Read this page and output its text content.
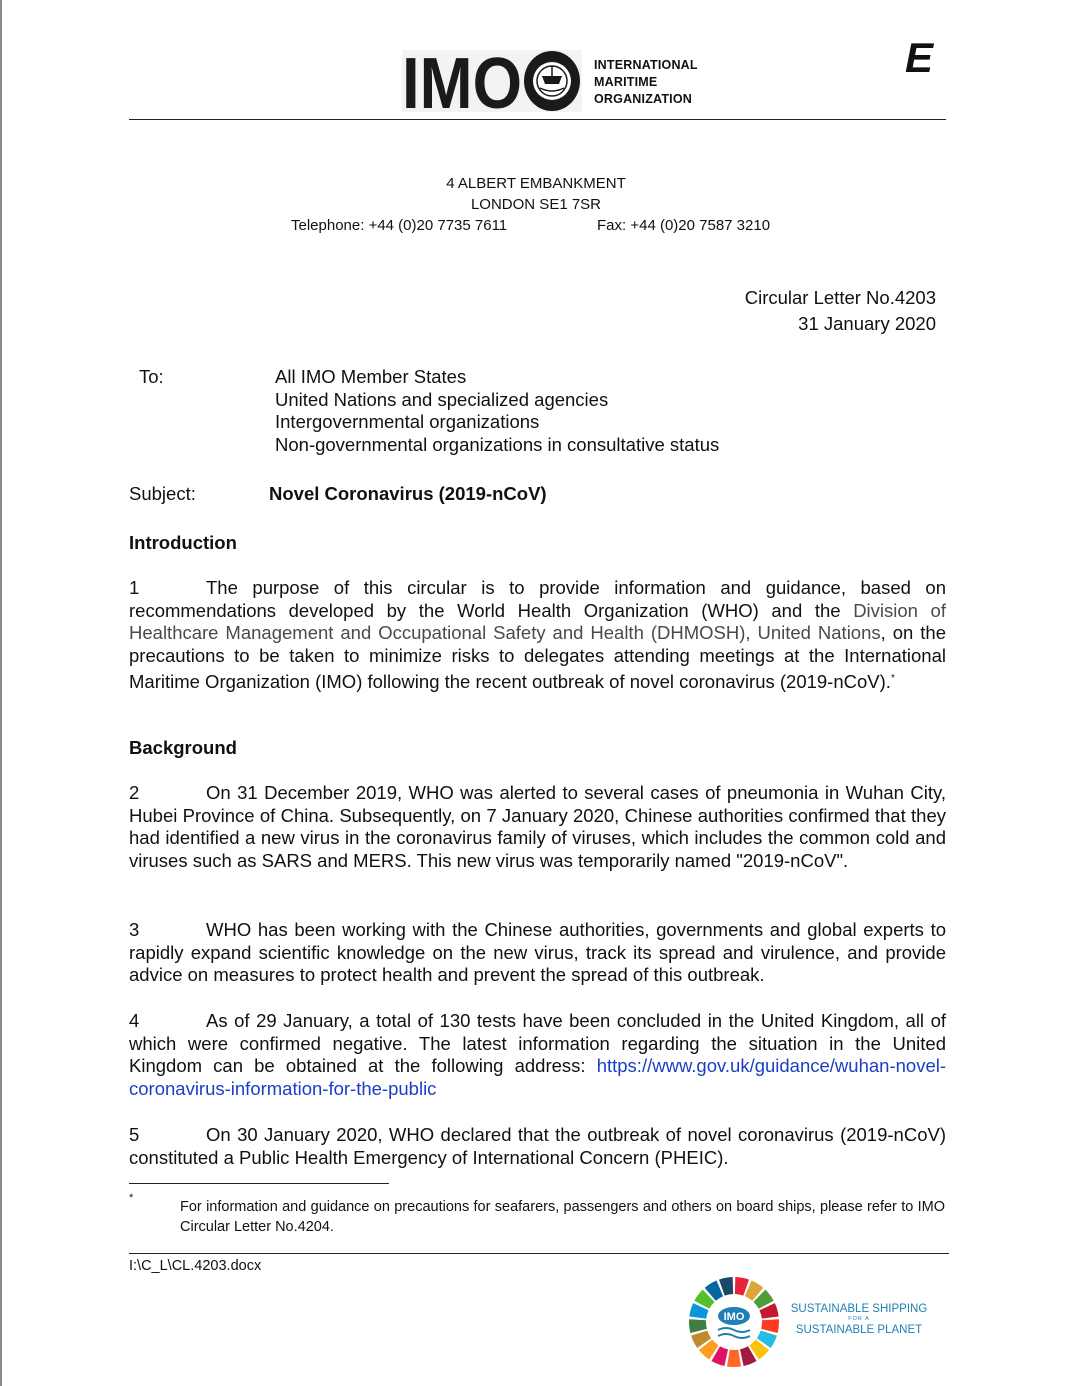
IMO	INTERNATIONAL
MARITIME
ORGANIZATION
E
4 ALBERT EMBANKMENT
LONDON SE1 7SR
Telephone: +44 (0)20 7735 7611	Fax: +44 (0)20 7587 3210
Circular Letter No.4203
31 January 2020
To:	All IMO Member States
United Nations and specialized agencies
Intergovernmental organizations
Non-governmental organizations in consultative status
Subject:	Novel Coronavirus (2019-nCoV)
Introduction
1	The purpose of this circular is to provide information and guidance, based on recommendations developed by the World Health Organization (WHO) and the Division of Healthcare Management and Occupational Safety and Health (DHMOSH), United Nations, on the precautions to be taken to minimize risks to delegates attending meetings at the International Maritime Organization (IMO) following the recent outbreak of novel coronavirus (2019-nCoV).*
Background
2	On 31 December 2019, WHO was alerted to several cases of pneumonia in Wuhan City, Hubei Province of China. Subsequently, on 7 January 2020, Chinese authorities confirmed that they had identified a new virus in the coronavirus family of viruses, which includes the common cold and viruses such as SARS and MERS. This new virus was temporarily named "2019-nCoV".
3	WHO has been working with the Chinese authorities, governments and global experts to rapidly expand scientific knowledge on the new virus, track its spread and virulence, and provide advice on measures to protect health and prevent the spread of this outbreak.
4	As of 29 January, a total of 130 tests have been concluded in the United Kingdom, all of which were confirmed negative. The latest information regarding the situation in the United Kingdom can be obtained at the following address: https://www.gov.uk/guidance/wuhan-novel-coronavirus-information-for-the-public
5	On 30 January 2020, WHO declared that the outbreak of novel coronavirus (2019-nCoV) constituted a Public Health Emergency of International Concern (PHEIC).
*
For information and guidance on precautions for seafarers, passengers and others on board ships, please refer to IMO Circular Letter No.4204.
I:\C_L\CL.4203.docx
IMO
SUSTAINABLE SHIPPING
FOR A
SUSTAINABLE PLANET
